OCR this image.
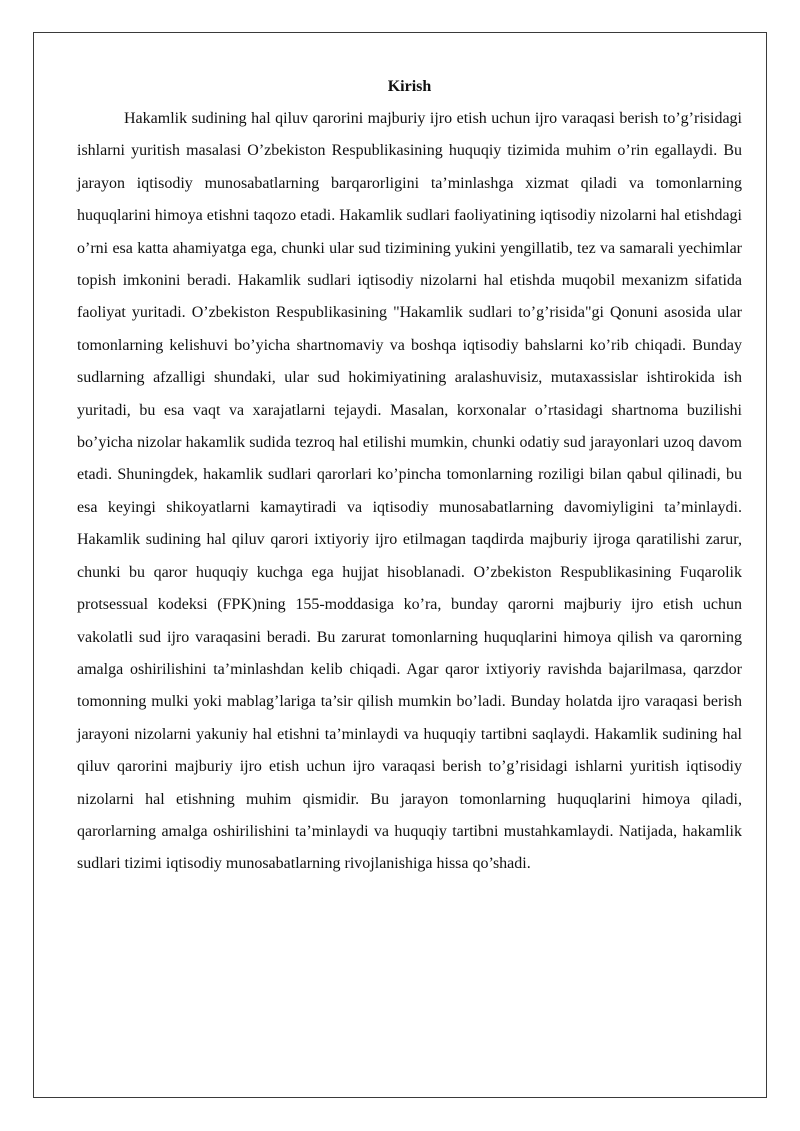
Kirish

Hakamlik sudining hal qiluv qarorini majburiy ijro etish uchun ijro varaqasi berish to’g’risidagi ishlarni yuritish masalasi O’zbekiston Respublikasining huquqiy tizimida muhim o’rin egallaydi. Bu jarayon iqtisodiy munosabatlarning barqarorligini ta’minlashga xizmat qiladi va tomonlarning huquqlarini himoya etishni taqozo etadi. Hakamlik sudlari faoliyatining iqtisodiy nizolarni hal etishdagi o’rni esa katta ahamiyatga ega, chunki ular sud tizimining yukini yengillatib, tez va samarali yechimlar topish imkonini beradi. Hakamlik sudlari iqtisodiy nizolarni hal etishda muqobil mexanizm sifatida faoliyat yuritadi. O’zbekiston Respublikasining "Hakamlik sudlari to’g’risida"gi Qonuni asosida ular tomonlarning kelishuvi bo’yicha shartnomaviy va boshqa iqtisodiy bahslarni ko’rib chiqadi. Bunday sudlarning afzalligi shundaki, ular sud hokimiyatining aralashuvisiz, mutaxassislar ishtirokida ish yuritadi, bu esa vaqt va xarajatlarni tejaydi. Masalan, korxonalar o’rtasidagi shartnoma buzilishi bo’yicha nizolar hakamlik sudida tezroq hal etilishi mumkin, chunki odatiy sud jarayonlari uzoq davom etadi. Shuningdek, hakamlik sudlari qarorlari ko’pincha tomonlarning roziligi bilan qabul qilinadi, bu esa keyingi shikoyatlarni kamaytiradi va iqtisodiy munosabatlarning davomiyligini ta’minlaydi. Hakamlik sudining hal qiluv qarori ixtiyoriy ijro etilmagan taqdirda majburiy ijroga qaratilishi zarur, chunki bu qaror huquqiy kuchga ega hujjat hisoblanadi. O’zbekiston Respublikasining Fuqarolik protsessual kodeksi (FPK)ning 155-moddasiga ko’ra, bunday qarorni majburiy ijro etish uchun vakolatli sud ijro varaqasini beradi. Bu zarurat tomonlarning huquqlarini himoya qilish va qarorning amalga oshirilishini ta’minlashdan kelib chiqadi. Agar qaror ixtiyoriy ravishda bajarilmasa, qarzdor tomonning mulki yoki mablag’lariga ta’sir qilish mumkin bo’ladi. Bunday holatda ijro varaqasi berish jarayoni nizolarni yakuniy hal etishni ta’minlaydi va huquqiy tartibni saqlaydi. Hakamlik sudining hal qiluv qarorini majburiy ijro etish uchun ijro varaqasi berish to’g’risidagi ishlarni yuritish iqtisodiy nizolarni hal etishning muhim qismidir. Bu jarayon tomonlarning huquqlarini himoya qiladi, qarorlarning amalga oshirilishini ta’minlaydi va huquqiy tartibni mustahkamlaydi. Natijada, hakamlik sudlari tizimi iqtisodiy munosabatlarning rivojlanishiga hissa qo’shadi.
